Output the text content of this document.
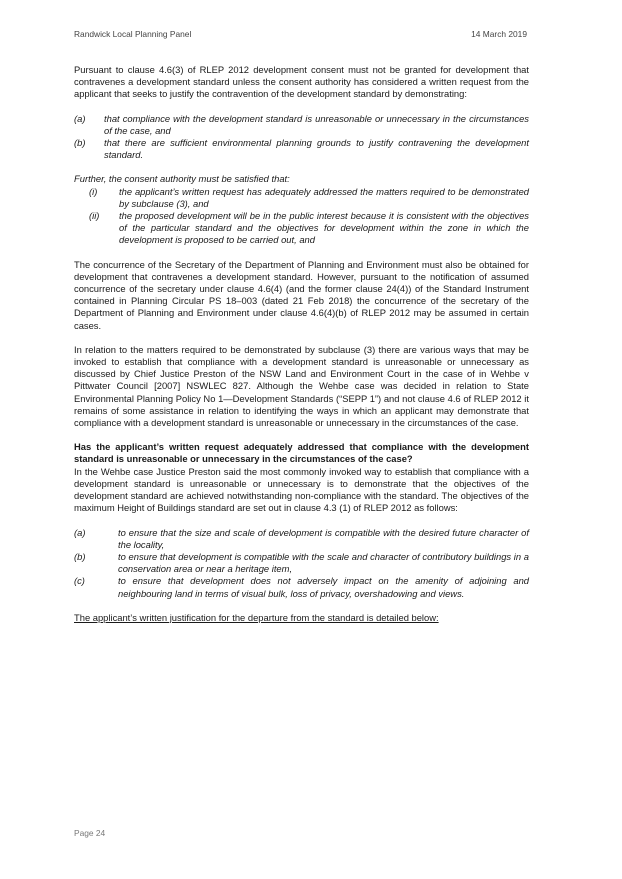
Randwick Local Planning Panel	14 March 2019

Pursuant to clause 4.6(3) of RLEP 2012 development consent must not be granted for development that contravenes a development standard unless the consent authority has considered a written request from the applicant that seeks to justify the contravention of the development standard by demonstrating:

(a) that compliance with the development standard is unreasonable or unnecessary in the circumstances of the case, and
(b) that there are sufficient environmental planning grounds to justify contravening the development standard.

Further, the consent authority must be satisfied that:

(i) the applicant’s written request has adequately addressed the matters required to be demonstrated by subclause (3), and
(ii) the proposed development will be in the public interest because it is consistent with the objectives of the particular standard and the objectives for development within the zone in which the development is proposed to be carried out, and

The concurrence of the Secretary of the Department of Planning and Environment must also be obtained for development that contravenes a development standard. However, pursuant to the notification of assumed concurrence of the secretary under clause 4.6(4) (and the former clause 24(4)) of the Standard Instrument contained in Planning Circular PS 18–003 (dated 21 Feb 2018) the concurrence of the secretary of the Department of Planning and Environment under clause 4.6(4)(b) of RLEP 2012 may be assumed in certain cases.

In relation to the matters required to be demonstrated by subclause (3) there are various ways that may be invoked to establish that compliance with a development standard is unreasonable or unnecessary as discussed by Chief Justice Preston of the NSW Land and Environment Court in the case of in Wehbe v Pittwater Council [2007] NSWLEC 827. Although the Wehbe case was decided in relation to State Environmental Planning Policy No 1—Development Standards (“SEPP 1”) and not clause 4.6 of RLEP 2012 it remains of some assistance in relation to identifying the ways in which an applicant may demonstrate that compliance with a development standard is unreasonable or unnecessary in the circumstances of the case.

Has the applicant’s written request adequately addressed that compliance with the development standard is unreasonable or unnecessary in the circumstances of the case?

In the Wehbe case Justice Preston said the most commonly invoked way to establish that compliance with a development standard is unreasonable or unnecessary is to demonstrate that the objectives of the development standard are achieved notwithstanding non-compliance with the standard. The objectives of the maximum Height of Buildings standard are set out in clause 4.3 (1) of RLEP 2012 as follows:

(a)	to ensure that the size and scale of development is compatible with the desired future character of the locality,
(b)	to ensure that development is compatible with the scale and character of contributory buildings in a conservation area or near a heritage item,
(c)	to ensure that development does not adversely impact on the amenity of adjoining and neighbouring land in terms of visual bulk, loss of privacy, overshadowing and views.

The applicant’s written justification for the departure from the standard is detailed below:

Page 24
